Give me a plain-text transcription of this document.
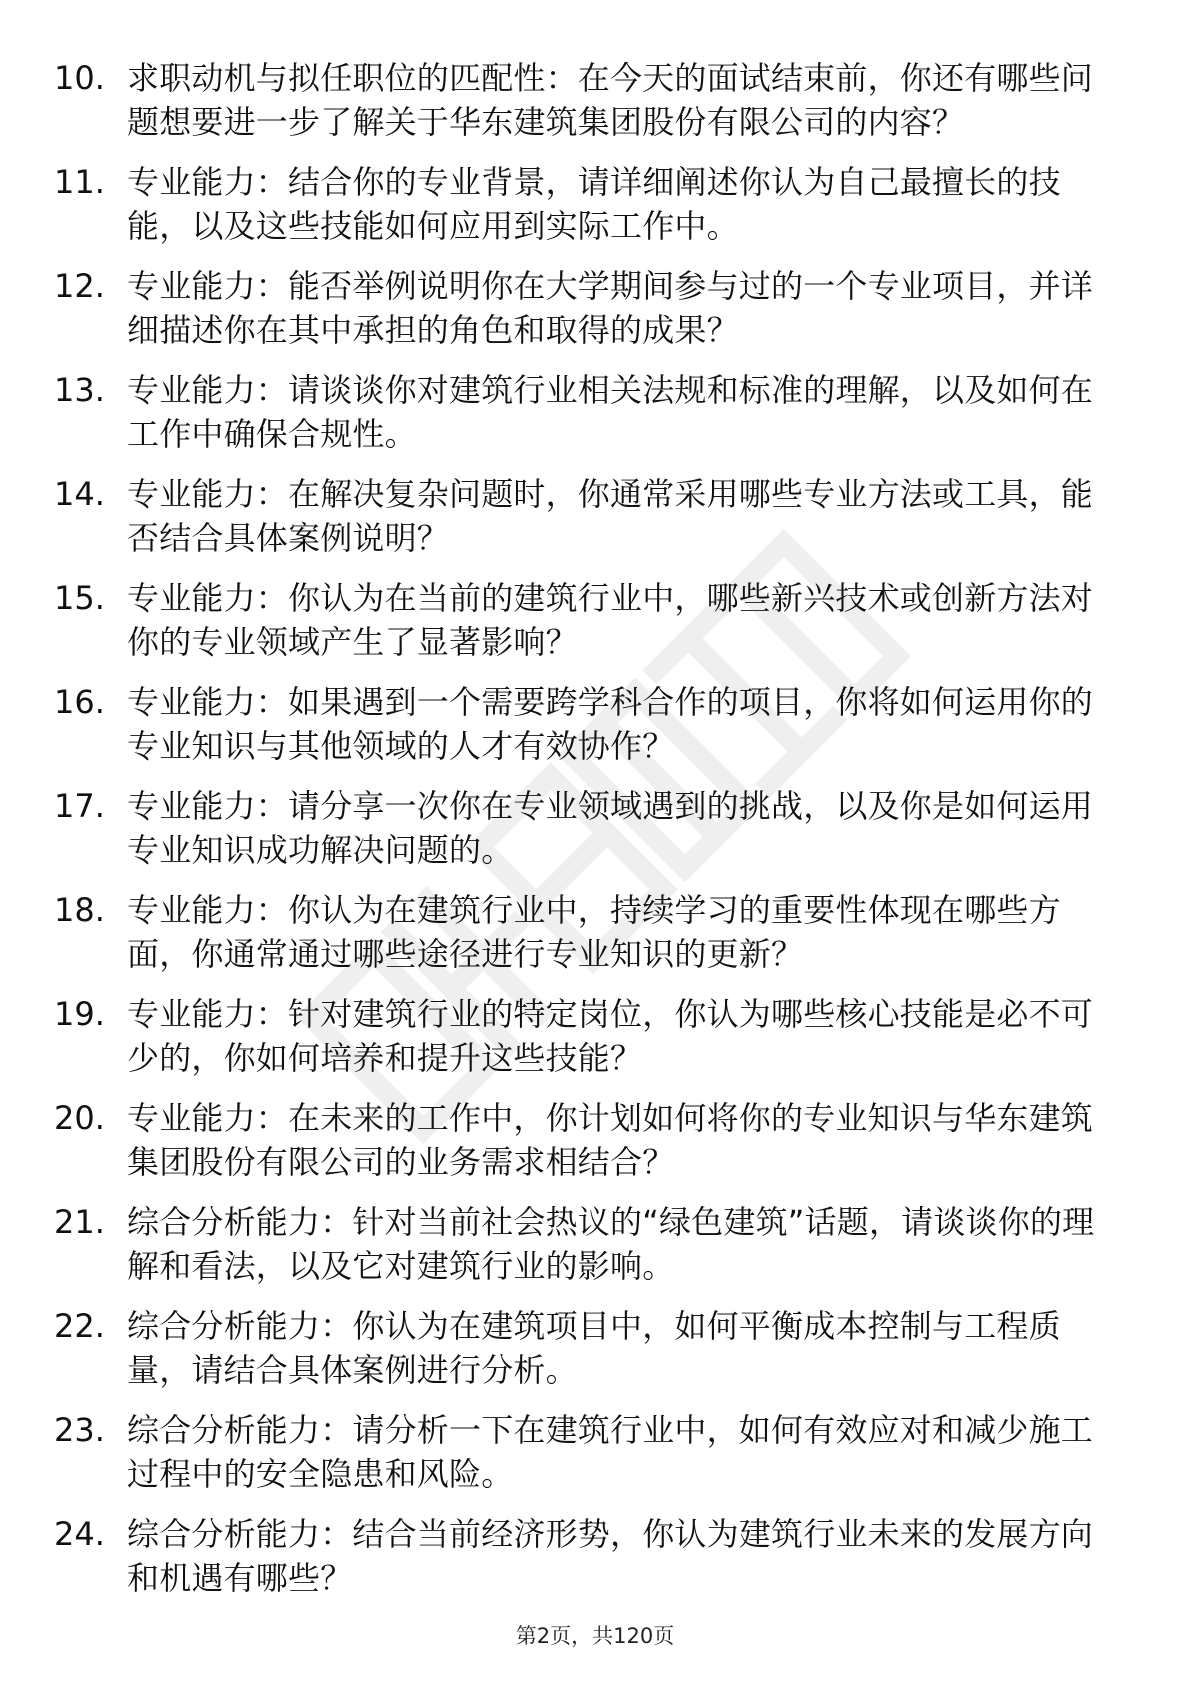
10. 求职动机与拟任职位的匹配性：在今天的面试结束前，你还有哪些问题想要进一步了解关于华东建筑集团股份有限公司的内容？

11. 专业能力：结合你的专业背景，请详细阐述你认为自己最擅长的技能，以及这些技能如何应用到实际工作中。

12. 专业能力：能否举例说明你在大学期间参与过的一个专业项目，并详细描述你在其中承担的角色和取得的成果？

13. 专业能力：请谈谈你对建筑行业相关法规和标准的理解，以及如何在工作中确保合规性。

14. 专业能力：在解决复杂问题时，你通常采用哪些专业方法或工具，能否结合具体案例说明？

15. 专业能力：你认为在当前的建筑行业中，哪些新兴技术或创新方法对你的专业领域产生了显著影响？

16. 专业能力：如果遇到一个需要跨学科合作的项目，你将如何运用你的专业知识与其他领域的人才有效协作？

17. 专业能力：请分享一次你在专业领域遇到的挑战，以及你是如何运用专业知识成功解决问题的。

18. 专业能力：你认为在建筑行业中，持续学习的重要性体现在哪些方面，你通常通过哪些途径进行专业知识的更新？

19. 专业能力：针对建筑行业的特定岗位，你认为哪些核心技能是必不可少的，你如何培养和提升这些技能？

20. 专业能力：在未来的工作中，你计划如何将你的专业知识与华东建筑集团股份有限公司的业务需求相结合？

21. 综合分析能力：针对当前社会热议的“绿色建筑”话题，请谈谈你的理解和看法，以及它对建筑行业的影响。

22. 综合分析能力：你认为在建筑项目中，如何平衡成本控制与工程质量，请结合具体案例进行分析。

23. 综合分析能力：请分析一下在建筑行业中，如何有效应对和减少施工过程中的安全隐患和风险。

24. 综合分析能力：结合当前经济形势，你认为建筑行业未来的发展方向和机遇有哪些？

第2页，共120页
